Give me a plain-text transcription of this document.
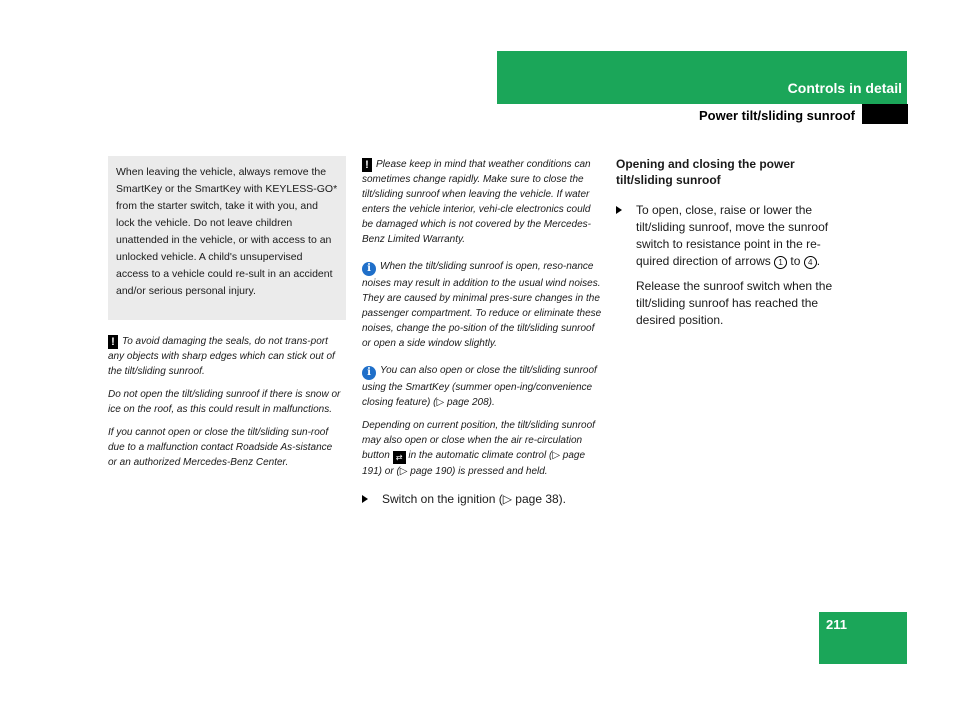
Controls in detail
Power tilt/sliding sunroof

When leaving the vehicle, always remove the SmartKey or the SmartKey with KEYLESS-GO* from the starter switch, take it with you, and lock the vehicle. Do not leave children unattended in the vehicle, or with access to an unlocked vehicle. A child's unsupervised access to a vehicle could re-sult in an accident and/or serious personal injury.

! To avoid damaging the seals, do not trans-port any objects with sharp edges which can stick out of the tilt/sliding sunroof.

Do not open the tilt/sliding sunroof if there is snow or ice on the roof, as this could result in malfunctions.

If you cannot open or close the tilt/sliding sun-roof due to a malfunction contact Roadside As-sistance or an authorized Mercedes-Benz Center.

! Please keep in mind that weather conditions can sometimes change rapidly. Make sure to close the tilt/sliding sunroof when leaving the vehicle. If water enters the vehicle interior, vehi-cle electronics could be damaged which is not covered by the Mercedes-Benz Limited Warranty.

i When the tilt/sliding sunroof is open, reso-nance noises may result in addition to the usual wind noises. They are caused by minimal pres-sure changes in the passenger compartment. To reduce or eliminate these noises, change the po-sition of the tilt/sliding sunroof or open a side window slightly.

i You can also open or close the tilt/sliding sunroof using the SmartKey (summer open-ing/convenience closing feature) (▷ page 208).

Depending on current position, the tilt/sliding sunroof may also open or close when the air re-circulation button ⇄ in the automatic climate control (▷ page 191) or (▷ page 190) is pressed and held.

Switch on the ignition (▷ page 38).

Opening and closing the power tilt/sliding sunroof

To open, close, raise or lower the tilt/sliding sunroof, move the sunroof switch to resistance point in the re-quired direction of arrows 1 to 4 .

Release the sunroof switch when the tilt/sliding sunroof has reached the desired position.

211
